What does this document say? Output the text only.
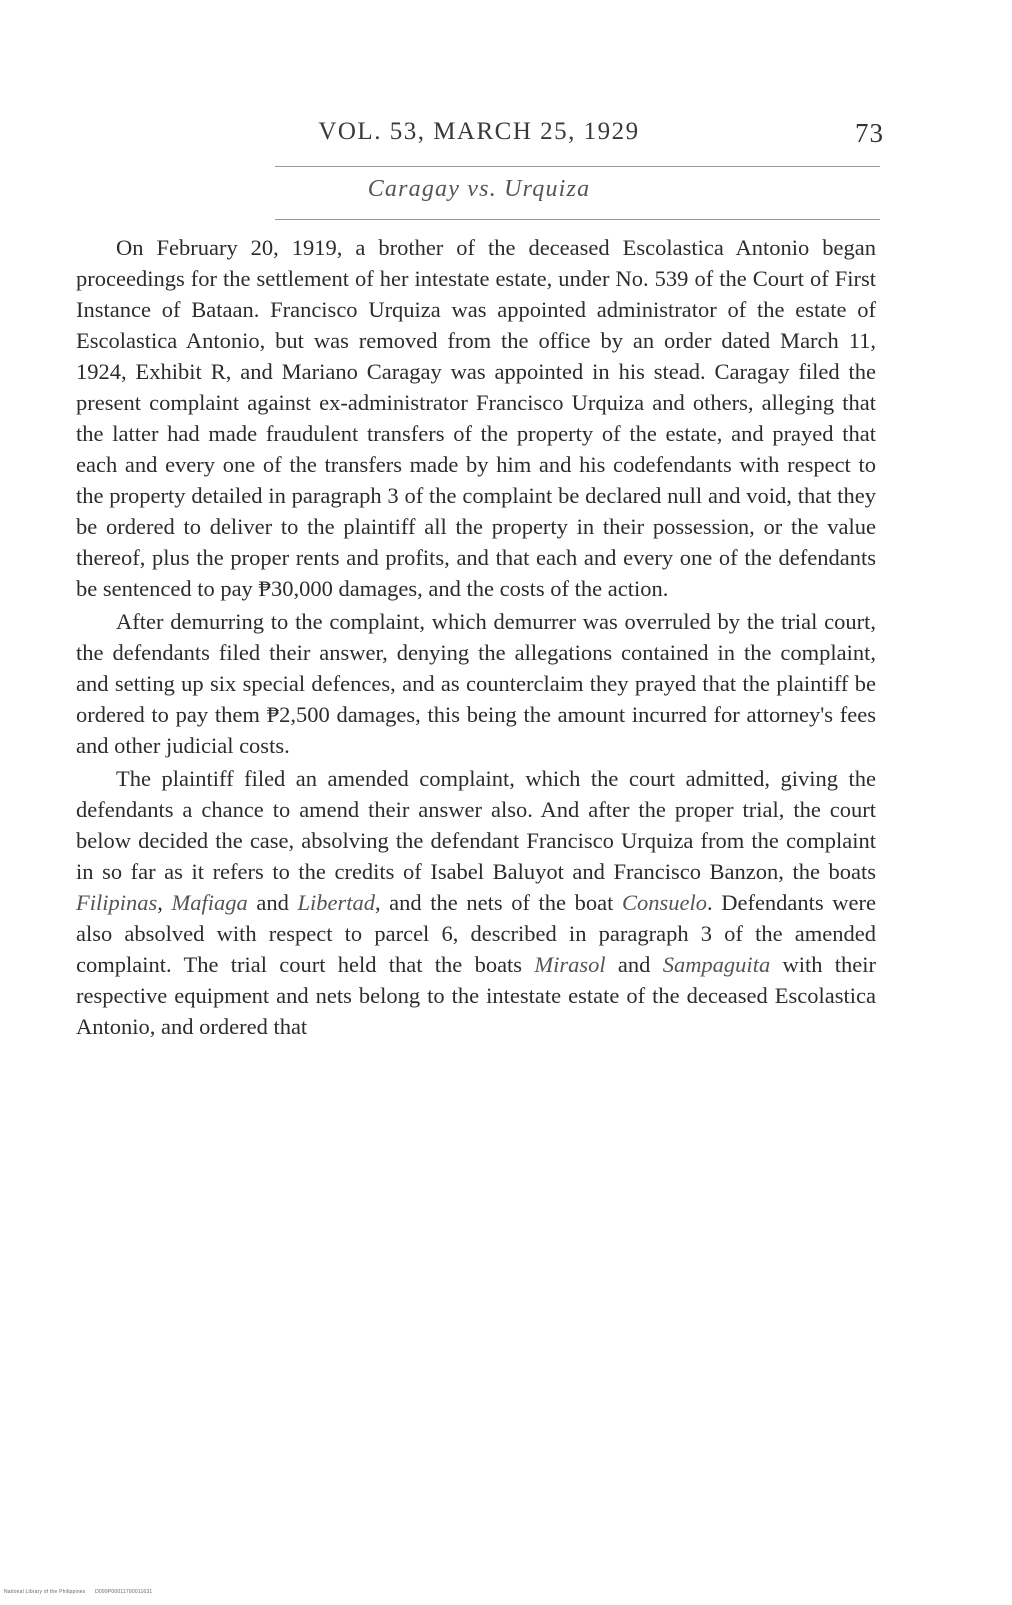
VOL. 53, MARCH 25, 1929	73
Caragay vs. Urquiza

On February 20, 1919, a brother of the deceased Escolastica Antonio began proceedings for the settlement of her intestate estate, under No. 539 of the Court of First Instance of Bataan. Francisco Urquiza was appointed administrator of the estate of Escolastica Antonio, but was removed from the office by an order dated March 11, 1924, Exhibit R, and Mariano Caragay was appointed in his stead. Caragay filed the present complaint against ex-administrator Francisco Urquiza and others, alleging that the latter had made fraudulent transfers of the property of the estate, and prayed that each and every one of the transfers made by him and his codefendants with respect to the property detailed in paragraph 3 of the complaint be declared null and void, that they be ordered to deliver to the plaintiff all the property in their possession, or the value thereof, plus the proper rents and profits, and that each and every one of the defendants be sentenced to pay ₱30,000 damages, and the costs of the action.

After demurring to the complaint, which demurrer was overruled by the trial court, the defendants filed their answer, denying the allegations contained in the complaint, and setting up six special defences, and as counterclaim they prayed that the plaintiff be ordered to pay them ₱2,500 damages, this being the amount incurred for attorney's fees and other judicial costs.

The plaintiff filed an amended complaint, which the court admitted, giving the defendants a chance to amend their answer also. And after the proper trial, the court below decided the case, absolving the defendant Francisco Urquiza from the complaint in so far as it refers to the credits of Isabel Baluyot and Francisco Banzon, the boats Filipinas, Mafiaga and Libertad, and the nets of the boat Consuelo. Defendants were also absolved with respect to parcel 6, described in paragraph 3 of the amended complaint. The trial court held that the boats Mirasol and Sampaguita with their respective equipment and nets belong to the intestate estate of the deceased Escolastica Antonio, and ordered that

National Library of the Philippines D099P00011790011631
